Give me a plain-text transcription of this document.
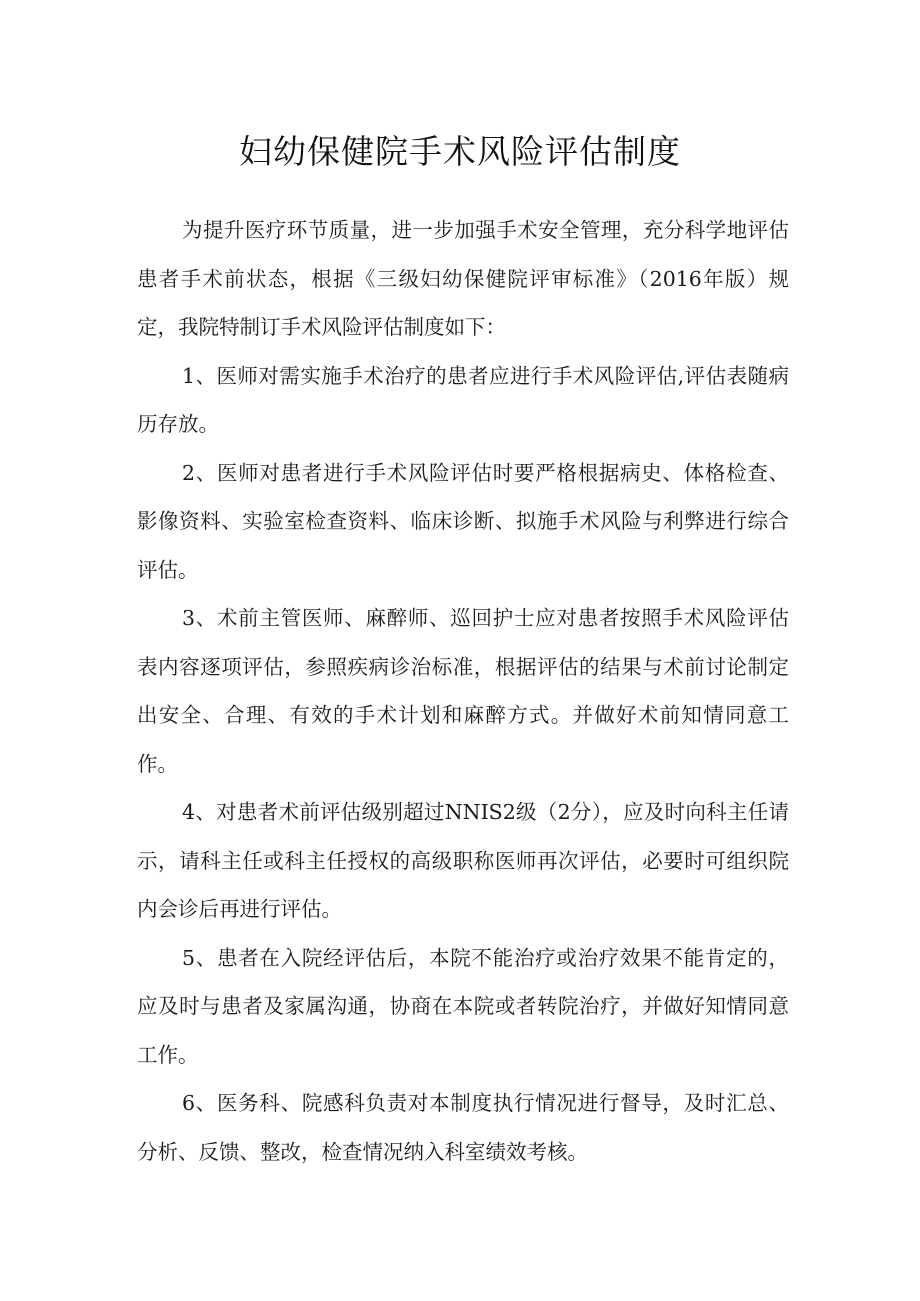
妇幼保健院手术风险评估制度

为提升医疗环节质量，进一步加强手术安全管理，充分科学地评估患者手术前状态，根据《三级妇幼保健院评审标准》（2016年版）规定，我院特制订手术风险评估制度如下：

1、医师对需实施手术治疗的患者应进行手术风险评估,评估表随病历存放。

2、医师对患者进行手术风险评估时要严格根据病史、体格检查、影像资料、实验室检查资料、临床诊断、拟施手术风险与利弊进行综合评估。

3、术前主管医师、麻醉师、巡回护士应对患者按照手术风险评估表内容逐项评估，参照疾病诊治标准，根据评估的结果与术前讨论制定出安全、合理、有效的手术计划和麻醉方式。并做好术前知情同意工作。

4、对患者术前评估级别超过NNIS2级（2分），应及时向科主任请示，请科主任或科主任授权的高级职称医师再次评估，必要时可组织院内会诊后再进行评估。

5、患者在入院经评估后，本院不能治疗或治疗效果不能肯定的，应及时与患者及家属沟通，协商在本院或者转院治疗，并做好知情同意工作。

6、医务科、院感科负责对本制度执行情况进行督导，及时汇总、分析、反馈、整改，检查情况纳入科室绩效考核。
